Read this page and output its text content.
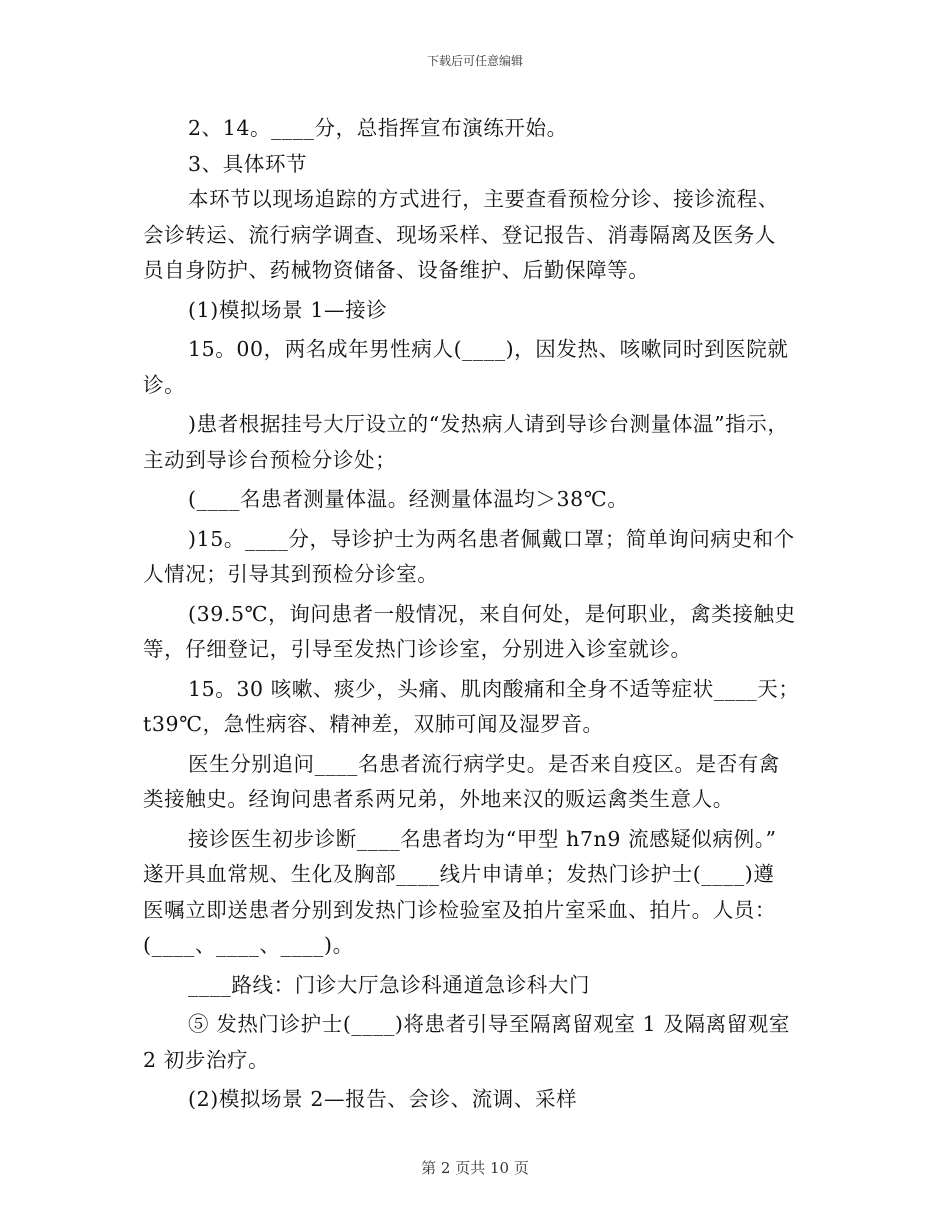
下载后可任意编辑
2、14。____分，总指挥宣布演练开始。
3、具体环节
本环节以现场追踪的方式进行，主要查看预检分诊、接诊流程、
会诊转运、流行病学调查、现场采样、登记报告、消毒隔离及医务人
员自身防护、药械物资储备、设备维护、后勤保障等。
(1)模拟场景 1—接诊
15。00，两名成年男性病人(____)，因发热、咳嗽同时到医院就
诊。
)患者根据挂号大厅设立的“发热病人请到导诊台测量体温”指示，
主动到导诊台预检分诊处；
(____名患者测量体温。经测量体温均＞38℃。
)15。____分，导诊护士为两名患者佩戴口罩；简单询问病史和个
人情况；引导其到预检分诊室。
(39.5℃，询问患者一般情况，来自何处，是何职业，禽类接触史
等，仔细登记，引导至发热门诊诊室，分别进入诊室就诊。
15。30 咳嗽、痰少，头痛、肌肉酸痛和全身不适等症状____天；
t39℃，急性病容、精神差，双肺可闻及湿罗音。
医生分别追问____名患者流行病学史。是否来自疫区。是否有禽
类接触史。经询问患者系两兄弟，外地来汉的贩运禽类生意人。
接诊医生初步诊断____名患者均为“甲型 h7n9 流感疑似病例。”
遂开具血常规、生化及胸部____线片申请单；发热门诊护士(____)遵
医嘱立即送患者分别到发热门诊检验室及拍片室采血、拍片。人员：
(____、____、____)。
____路线：门诊大厅急诊科通道急诊科大门
⑤ 发热门诊护士(____)将患者引导至隔离留观室 1 及隔离留观室
2 初步治疗。
(2)模拟场景 2—报告、会诊、流调、采样
第 2 页共 10 页
